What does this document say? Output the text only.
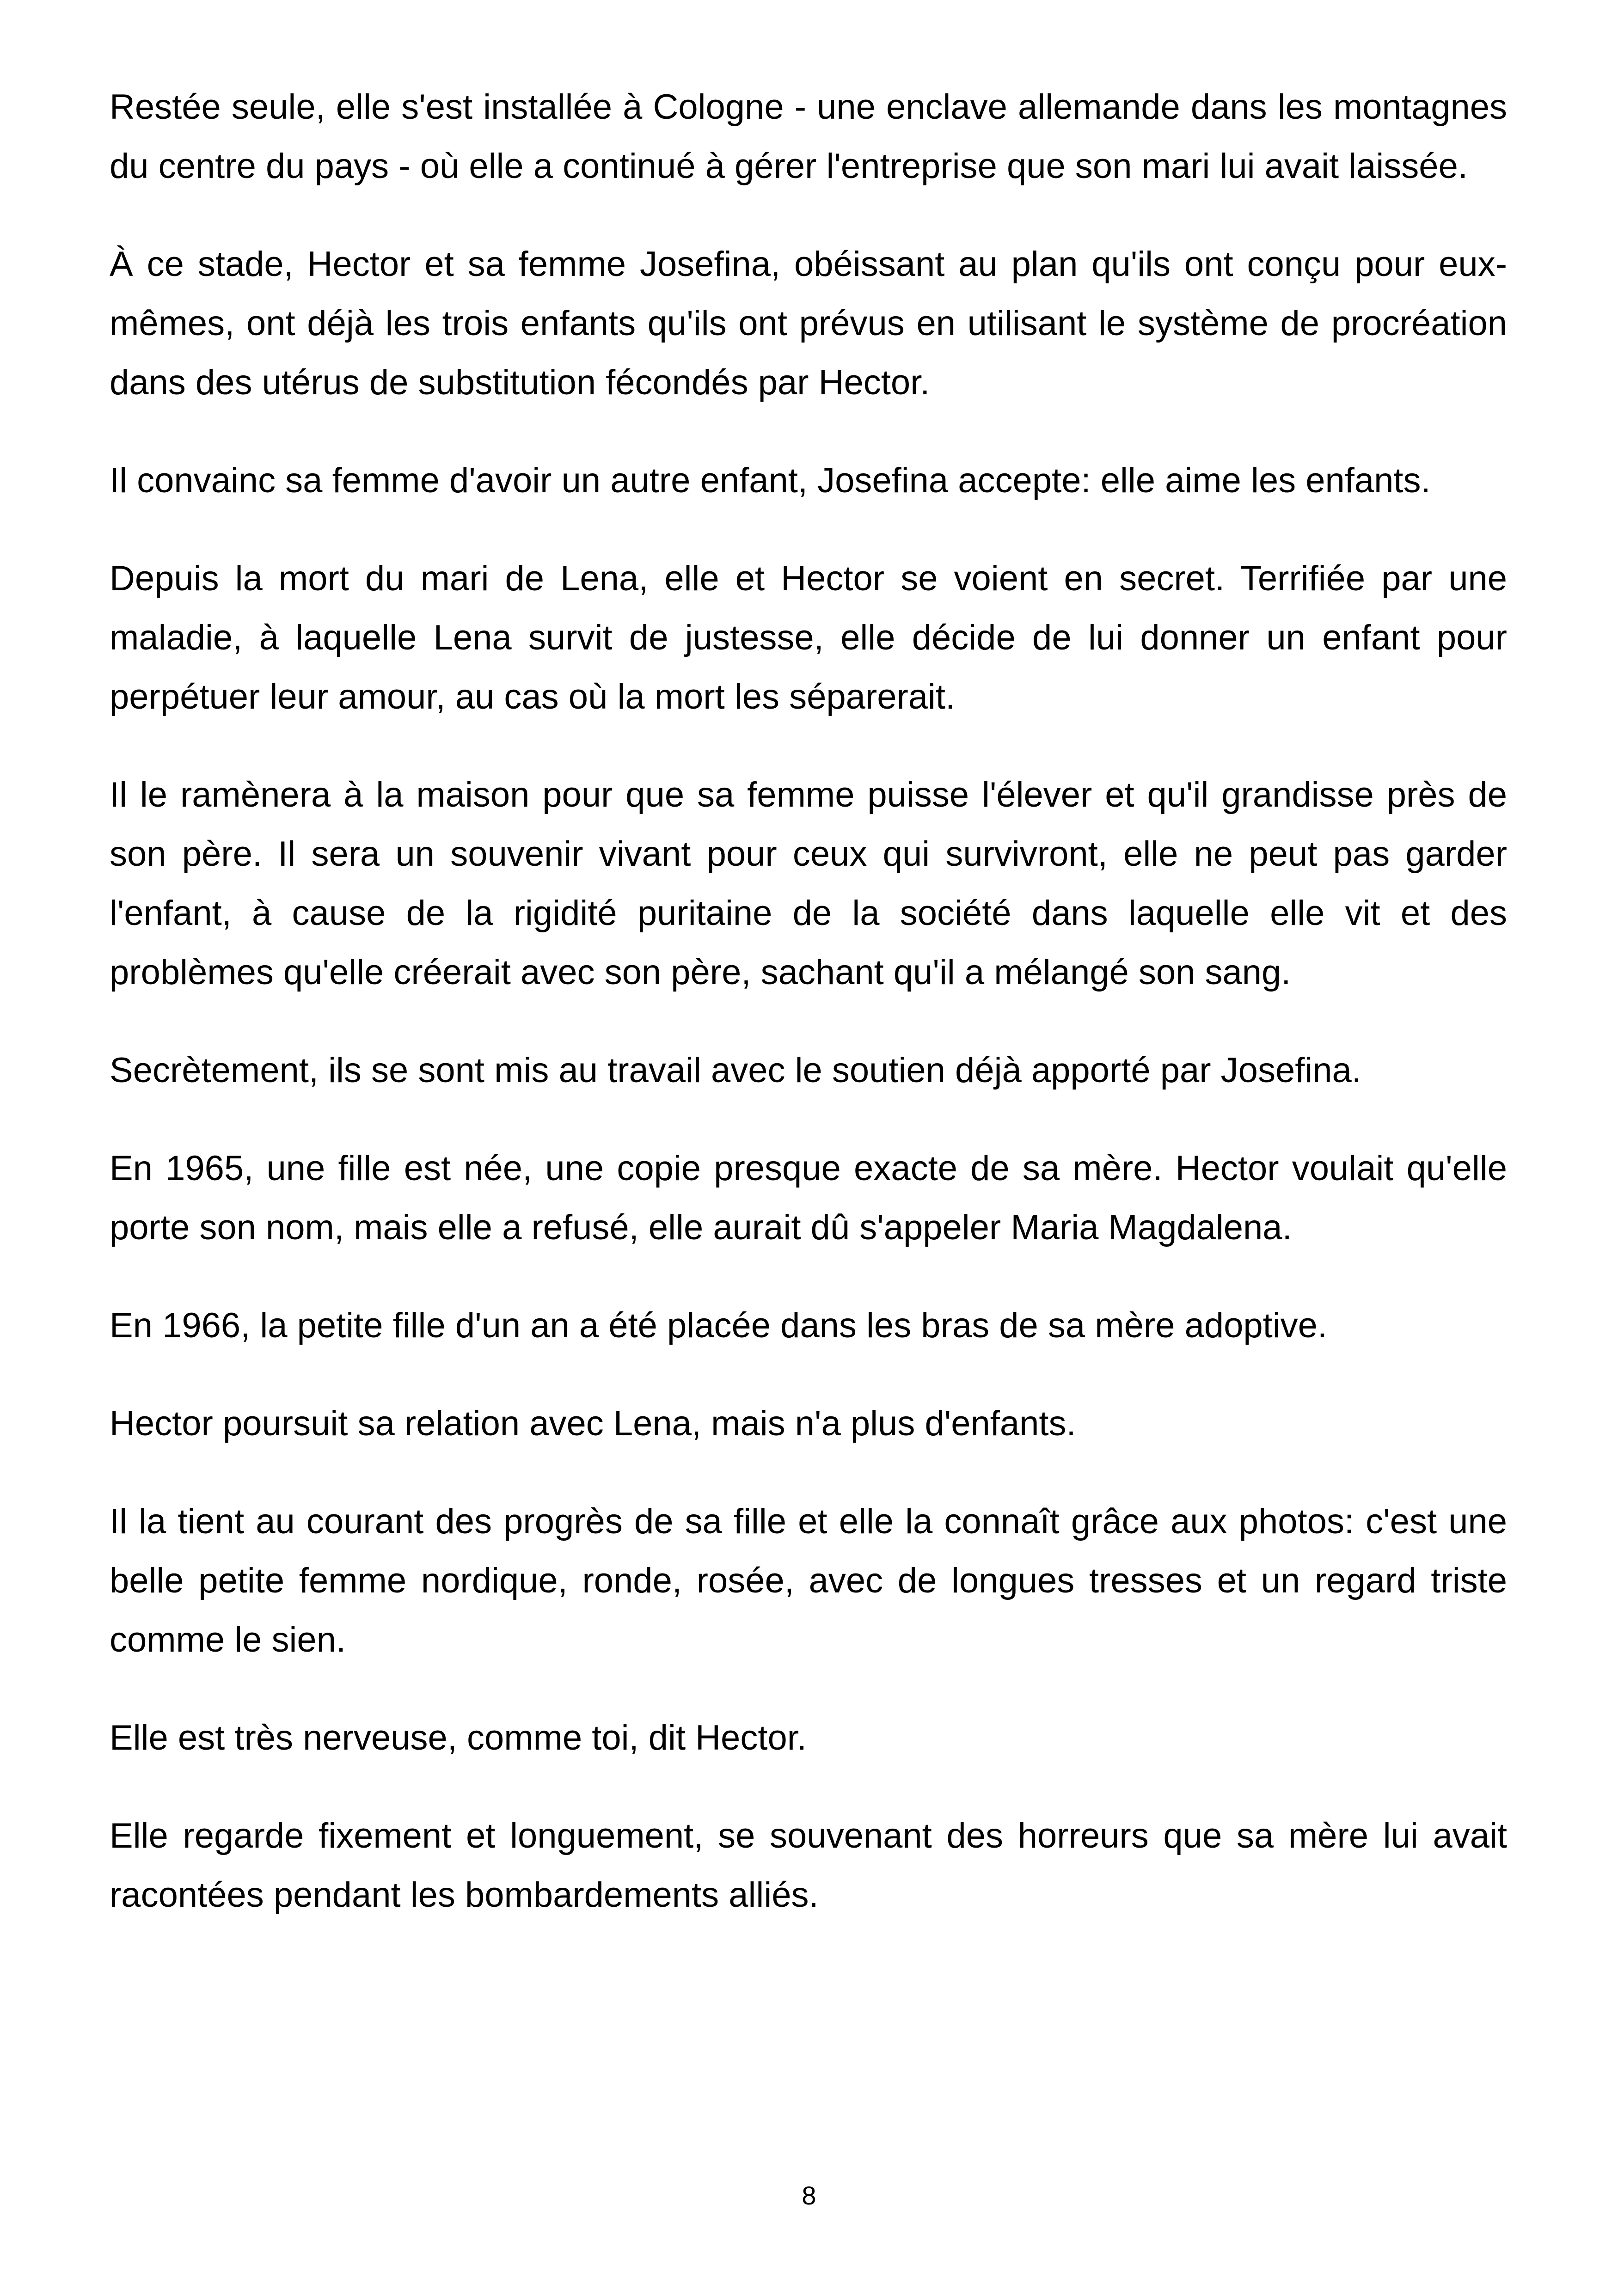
Restée seule, elle s'est installée à Cologne - une enclave allemande dans les montagnes du centre du pays - où elle a continué à gérer l'entreprise que son mari lui avait laissée.

À ce stade, Hector et sa femme Josefina, obéissant au plan qu'ils ont conçu pour eux-mêmes, ont déjà les trois enfants qu'ils ont prévus en utilisant le système de procréation dans des utérus de substitution fécondés par Hector.

Il convainc sa femme d'avoir un autre enfant, Josefina accepte: elle aime les enfants.

Depuis la mort du mari de Lena, elle et Hector se voient en secret. Terrifiée par une maladie, à laquelle Lena survit de justesse, elle décide de lui donner un enfant pour perpétuer leur amour, au cas où la mort les séparerait.

Il le ramènera à la maison pour que sa femme puisse l'élever et qu'il grandisse près de son père. Il sera un souvenir vivant pour ceux qui survivront, elle ne peut pas garder l'enfant, à cause de la rigidité puritaine de la société dans laquelle elle vit et des problèmes qu'elle créerait avec son père, sachant qu'il a mélangé son sang.

Secrètement, ils se sont mis au travail avec le soutien déjà apporté par Josefina.

En 1965, une fille est née, une copie presque exacte de sa mère. Hector voulait qu'elle porte son nom, mais elle a refusé, elle aurait dû s'appeler Maria Magdalena.

En 1966, la petite fille d'un an a été placée dans les bras de sa mère adoptive.

Hector poursuit sa relation avec Lena, mais n'a plus d'enfants.

Il la tient au courant des progrès de sa fille et elle la connaît grâce aux photos: c'est une belle petite femme nordique, ronde, rosée, avec de longues tresses et un regard triste comme le sien.

Elle est très nerveuse, comme toi, dit Hector.

Elle regarde fixement et longuement, se souvenant des horreurs que sa mère lui avait racontées pendant les bombardements alliés.

8
